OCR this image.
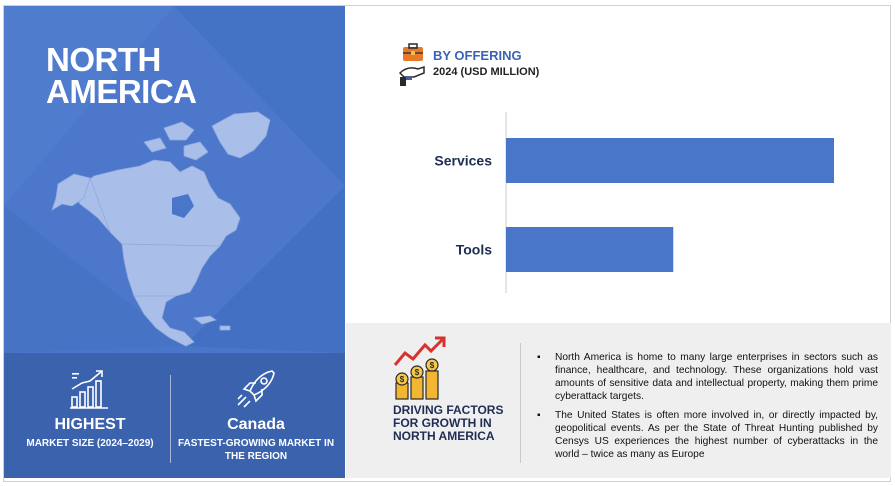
NORTH
AMERICA
HIGHEST
MARKET SIZE (2024–2029)
Canada
FASTEST-GROWING MARKET IN THE REGION
BY OFFERING
2024 (USD MILLION)
Services
Tools
$
$
$
DRIVING FACTORS FOR GROWTH IN NORTH AMERICA
▪ North America is home to many large enterprises in sectors such as finance, healthcare, and technology. These organizations hold vast amounts of sensitive data and intellectual property, making them prime cyberattack targets.
▪ The United States is often more involved in, or directly impacted by, geopolitical events. As per the State of Threat Hunting published by Censys US experiences the highest number of cyberattacks in the world – twice as many as Europe
